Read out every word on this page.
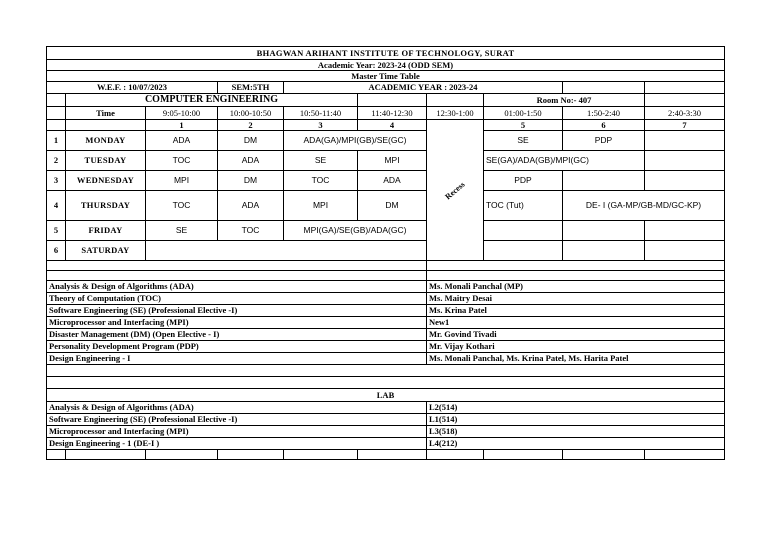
BHAGWAN ARIHANT INSTITUTE OF TECHNOLOGY, SURAT									
Academic Year: 2023-24 (ODD SEM)									
Master Time Table									
W.E.F. : 10/07/2023			SEM:5TH	ACADEMIC YEAR : 2023-24					
	COMPUTER ENGINEERING						Room No:- 407		
	Time	9:05-10:00	10:00-10:50	10:50-11:40	11:40-12:30	12:30-1:00	01:00-1:50	1:50-2:40	2:40-3:30
		1	2	3	4	Recess	5	6	7
1	MONDAY	ADA	DM	ADA(GA)/MPI(GB)/SE(GC)			SE	PDP	
2	TUESDAY	TOC	ADA	SE	MPI		SE(GA)/ADA(GB)/MPI(GC)		
3	WEDNESDAY	MPI	DM	TOC	ADA		PDP		
4	THURSDAY	TOC	ADA	MPI	DM		TOC (Tut)	DE- I (GA-MP/GB-MD/GC-KP)	
5	FRIDAY	SE	TOC	MPI(GA)/SE(GB)/ADA(GC)					
6	SATURDAY								

Analysis & Design of Algorithms (ADA)						Ms. Monali Panchal (MP)			
Theory of Computation (TOC)						Ms. Maitry Desai			
Software Engineering (SE) (Professional Elective -I)						Ms. Krina Patel			
Microprocessor and Interfacing (MPI)						New1			
Disaster Management (DM) (Open Elective - I)						Mr. Govind Tivadi			
Personality Development Program (PDP)						Mr. Vijay Kothari			
Design Engineering - I						Ms. Monali Panchal, Ms. Krina Patel, Ms. Harita Patel			

LAB									
Analysis & Design of Algorithms (ADA)						L2(514)			
Software Engineering (SE) (Professional Elective -I)						L1(514)			
Microprocessor and Interfacing (MPI)						L3(518)			
Design Engineering - 1 (DE-I )						L4(212)			
